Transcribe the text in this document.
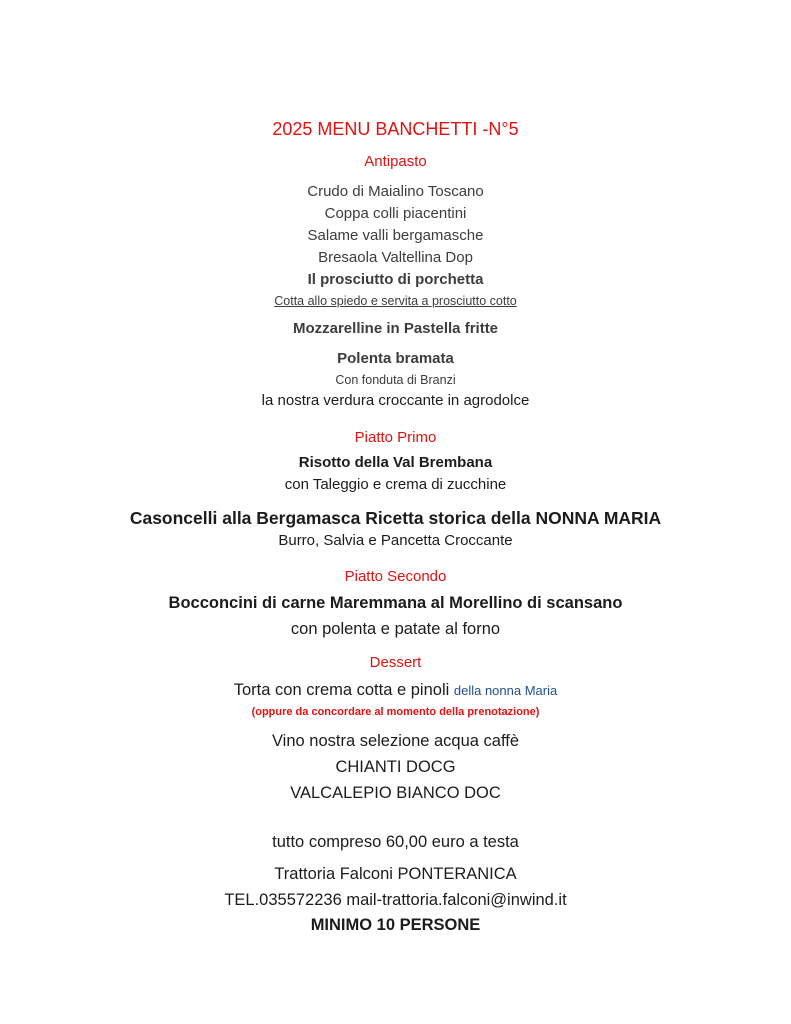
2025 MENU BANCHETTI -N°5

Antipasto

Crudo di Maialino Toscano

Coppa colli piacentini

Salame valli bergamasche

Bresaola Valtellina Dop

Il prosciutto di porchetta

Cotta allo spiedo e servita a prosciutto cotto

Mozzarelline in Pastella fritte

Polenta bramata

Con fonduta di Branzi

la nostra verdura croccante in agrodolce

Piatto Primo

Risotto della Val Brembana

con Taleggio e crema di zucchine

Casoncelli alla Bergamasca Ricetta storica della NONNA MARIA

Burro, Salvia e Pancetta Croccante

Piatto Secondo

Bocconcini di carne Maremmana al Morellino di scansano

con polenta e patate al forno

Dessert

Torta con crema cotta e pinoli della nonna Maria

(oppure da concordare al momento della prenotazione)

Vino nostra selezione acqua caffè

CHIANTI DOCG

VALCALEPIO BIANCO DOC

tutto compreso 60,00 euro a testa

Trattoria Falconi PONTERANICA

TEL.035572236 mail-trattoria.falconi@inwind.it

MINIMO 10 PERSONE
